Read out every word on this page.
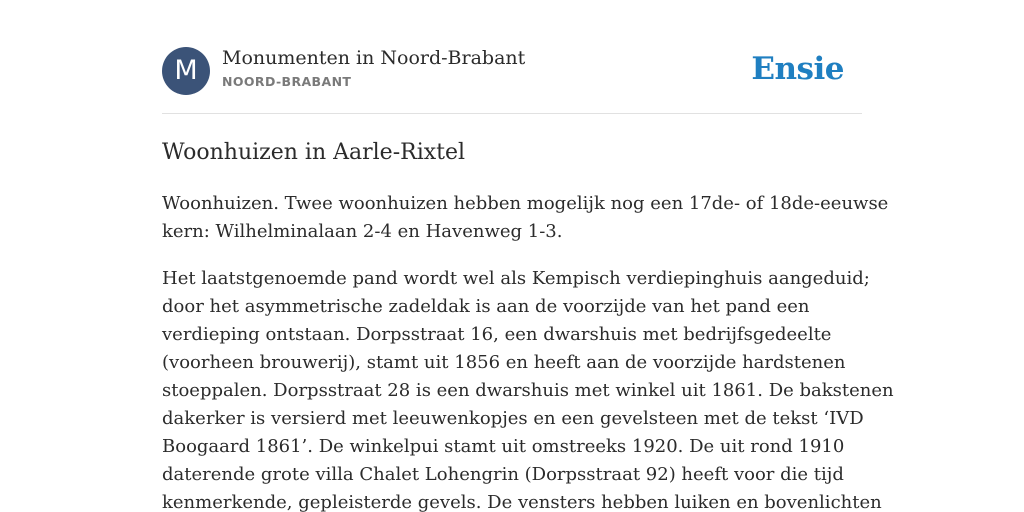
M	Monumenten in Noord-Brabant
NOORD-BRABANT	Ensie
Woonhuizen in Aarle-Rixtel

Woonhuizen. Twee woonhuizen hebben mogelijk nog een 17de- of 18de-eeuwse
kern: Wilhelminalaan 2-4 en Havenweg 1-3.

Het laatstgenoemde pand wordt wel als Kempisch verdiepinghuis aangeduid;
door het asymmetrische zadeldak is aan de voorzijde van het pand een
verdieping ontstaan. Dorpsstraat 16, een dwarshuis met bedrijfsgedeelte
(voorheen brouwerij), stamt uit 1856 en heeft aan de voorzijde hardstenen
stoeppalen. Dorpsstraat 28 is een dwarshuis met winkel uit 1861. De bakstenen
dakerker is versierd met leeuwenkopjes en een gevelsteen met de tekst ‘IVD
Boogaard 1861’. De winkelpui stamt uit omstreeks 1920. De uit rond 1910
daterende grote villa Chalet Lohengrin (Dorpsstraat 92) heeft voor die tijd
kenmerkende, gepleisterde gevels. De vensters hebben luiken en bovenlichten
